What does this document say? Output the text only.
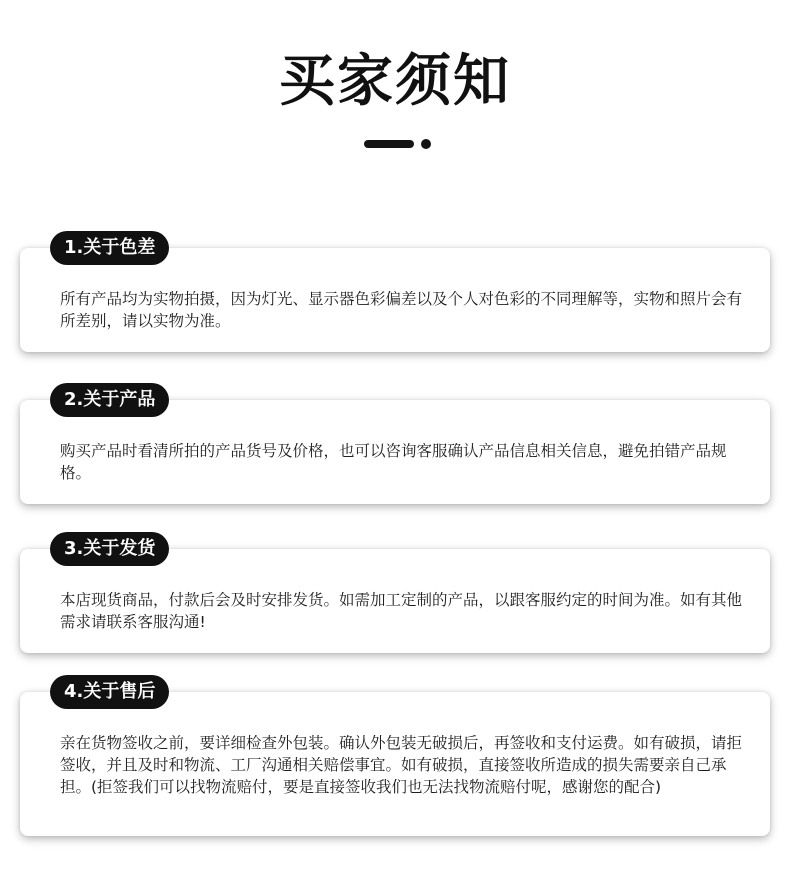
买家须知
1.关于色差

所有产品均为实物拍摄，因为灯光、显示器色彩偏差以及个人对色彩的不同理解等，实物和照片会有所差别，请以实物为准。

2.关于产品

购买产品时看清所拍的产品货号及价格，也可以咨询客服确认产品信息相关信息，避免拍错产品规格。

3.关于发货

本店现货商品，付款后会及时安排发货。如需加工定制的产品，以跟客服约定的时间为准。如有其他需求请联系客服沟通!

4.关于售后

亲在货物签收之前，要详细检查外包装。确认外包装无破损后，再签收和支付运费。如有破损，请拒签收，并且及时和物流、工厂沟通相关赔偿事宜。如有破损，直接签收所造成的损失需要亲自己承担。(拒签我们可以找物流赔付，要是直接签收我们也无法找物流赔付呢，感谢您的配合)
